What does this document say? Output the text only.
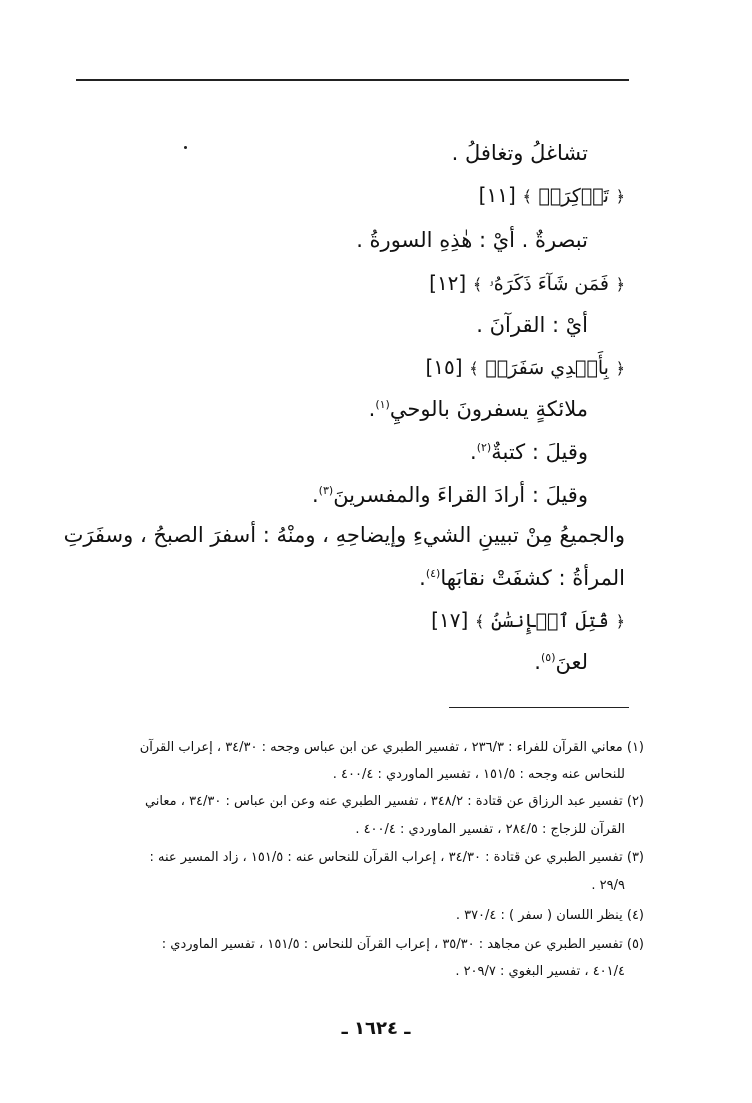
تشاغلُ وتغافلُ .
﴿ تَذۡكِرَةٞ ﴾ [١١]
تبصرةٌ . أيْ : هٰذِهِ السورةُ .
﴿ فَمَن شَآءَ ذَكَرَهُۥ ﴾ [١٢]
أيْ : القرآنَ .
﴿ بِأَيۡدِي سَفَرَةٖ ﴾ [١٥]
ملائكةٍ يسفرونَ بالوحيِ$^{(١)}$.
وقيلَ : كتبةٌ$^{(٢)}$.
وقيلَ : أرادَ القراءَ والمفسرينَ$^{(٣)}$.
والجميعُ مِنْ تبيينِ الشيءِ وإيضاحِهِ ، ومنْهُ : أسفرَ الصبحُ ، وسفَرَتِ
المرأةُ : كشفَتْ نقابَها$^{(٤)}$.
﴿ قُتِلَ ٱلۡإِنسَٰنُ ﴾ [١٧]
لعنَ$^{(٥)}$.
(١) معاني القرآن للفراء : ٢٣٦/٣ ، تفسير الطبري عن ابن عباس وجحه : ٣٤/٣٠ ، إعراب القرآن
للنحاس عنه وجحه : ١٥١/٥ ، تفسير الماوردي : ٤٠٠/٤ .
(٢) تفسير عبد الرزاق عن قتادة : ٣٤٨/٢ ، تفسير الطبري عنه وعن ابن عباس : ٣٤/٣٠ ، معاني
القرآن للزجاج : ٢٨٤/٥ ، تفسير الماوردي : ٤٠٠/٤ .
(٣) تفسير الطبري عن قتادة : ٣٤/٣٠ ، إعراب القرآن للنحاس عنه : ١٥١/٥ ، زاد المسير عنه :
٢٩/٩ .
(٤) ينظر اللسان ( سفر ) : ٣٧٠/٤ .
(٥) تفسير الطبري عن مجاهد : ٣٥/٣٠ ، إعراب القرآن للنحاس : ١٥١/٥ ، تفسير الماوردي :
٤٠١/٤ ، تفسير البغوي : ٢٠٩/٧ .
ـ ١٦٢٤ ـ
